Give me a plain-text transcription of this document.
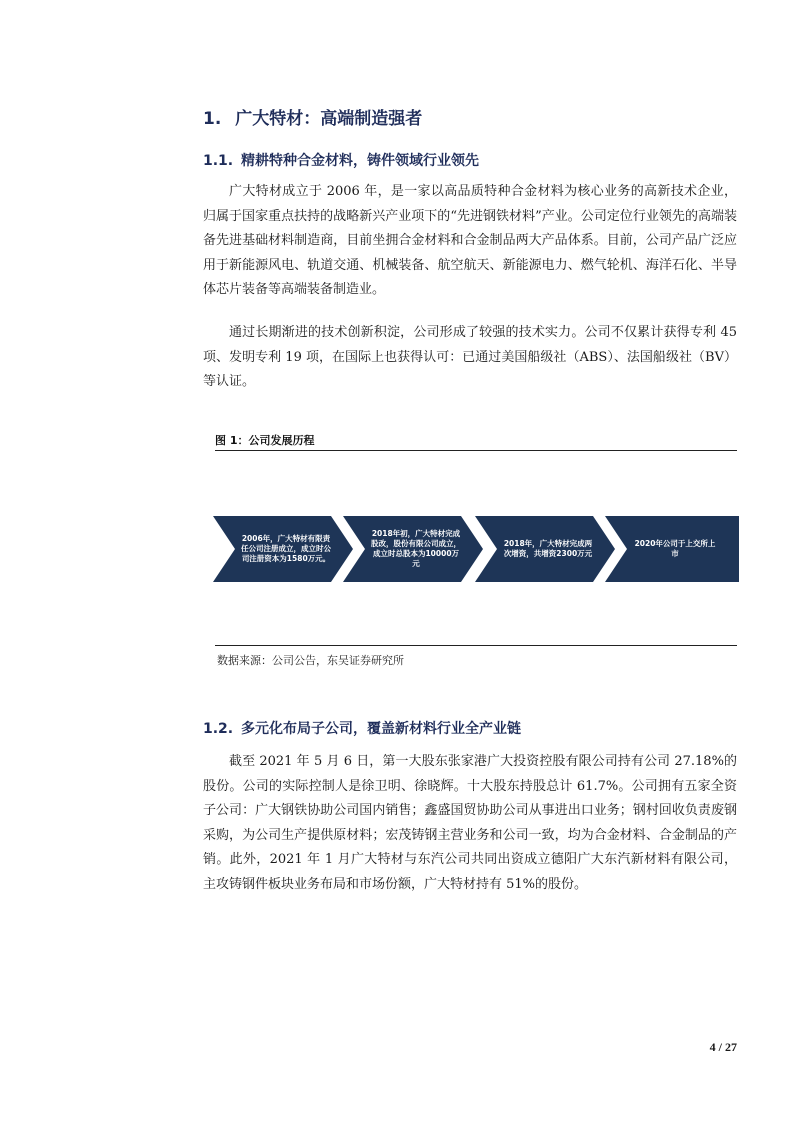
1. 广大特材：高端制造强者
1.1. 精耕特种合金材料，铸件领域行业领先

广大特材成立于 2006 年，是一家以高品质特种合金材料为核心业务的高新技术企业，归属于国家重点扶持的战略新兴产业项下的“先进钢铁材料”产业。公司定位行业领先的高端装备先进基础材料制造商，目前坐拥合金材料和合金制品两大产品体系。目前，公司产品广泛应用于新能源风电、轨道交通、机械装备、航空航天、新能源电力、燃气轮机、海洋石化、半导体芯片装备等高端装备制造业。

通过长期渐进的技术创新积淀，公司形成了较强的技术实力。公司不仅累计获得专利 45 项、发明专利 19 项，在国际上也获得认可：已通过美国船级社（ABS）、法国船级社（BV）等认证。

图 1：公司发展历程
2006年，广大特材有限责任公司注册成立，成立时公司注册资本为1580万元。
2018年初，广大特材完成股改，股份有限公司成立，成立时总股本为10000万元
2018年，广大特材完成两次增资，共增资2300万元
2020年公司于上交所上市
数据来源：公司公告，东吴证券研究所
1.2. 多元化布局子公司，覆盖新材料行业全产业链

截至 2021 年 5 月 6 日，第一大股东张家港广大投资控股有限公司持有公司 27.18%的股份。公司的实际控制人是徐卫明、徐晓辉。十大股东持股总计 61.7%。公司拥有五家全资子公司：广大钢铁协助公司国内销售；鑫盛国贸协助公司从事进出口业务；钢村回收负责废钢采购，为公司生产提供原材料；宏茂铸钢主营业务和公司一致，均为合金材料、合金制品的产销。此外，2021 年 1 月广大特材与东汽公司共同出资成立德阳广大东汽新材料有限公司，主攻铸钢件板块业务布局和市场份额，广大特材持有 51%的股份。

4 / 27
